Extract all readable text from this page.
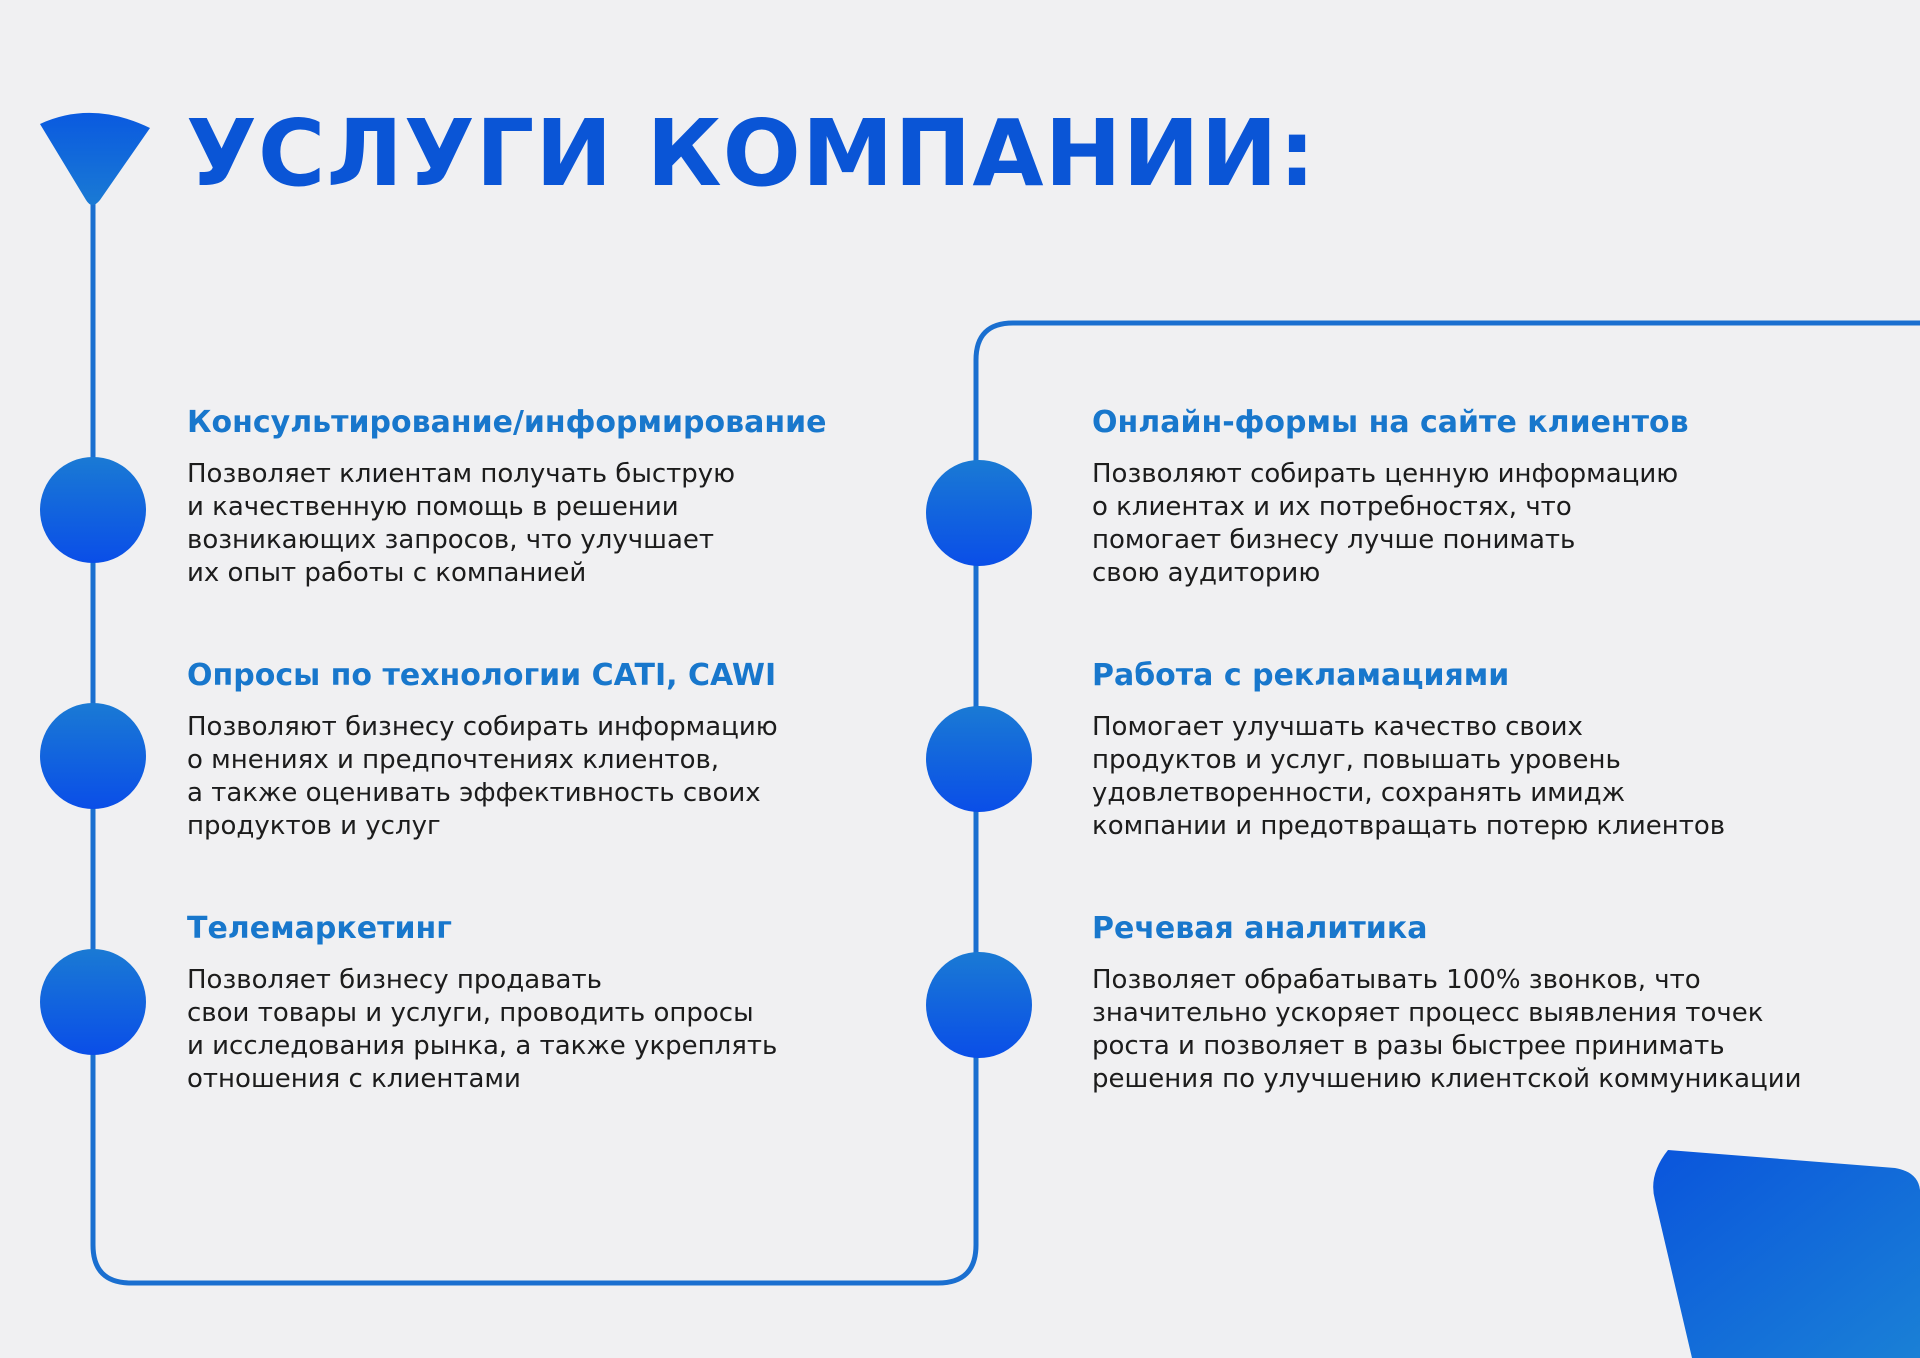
УСЛУГИ КОМПАНИИ:
Консультирование/информирование

Позволяет клиентам получать быструю
и качественную помощь в решении
возникающих запросов, что улучшает
их опыт работы с компанией

Опросы по технологии CATI, CAWI

Позволяют бизнесу собирать информацию
о мнениях и предпочтениях клиентов,
а также оценивать эффективность своих
продуктов и услуг

Телемаркетинг

Позволяет бизнесу продавать
свои товары и услуги, проводить опросы
и исследования рынка, а также укреплять
отношения с клиентами

Онлайн-формы на сайте клиентов

Позволяют собирать ценную информацию
о клиентах и их потребностях, что
помогает бизнесу лучше понимать
свою аудиторию

Работа с рекламациями

Помогает улучшать качество своих
продуктов и услуг, повышать уровень
удовлетворенности, сохранять имидж
компании и предотвращать потерю клиентов

Речевая аналитика

Позволяет обрабатывать 100% звонков, что
значительно ускоряет процесс выявления точек
роста и позволяет в разы быстрее принимать
решения по улучшению клиентской коммуникации
